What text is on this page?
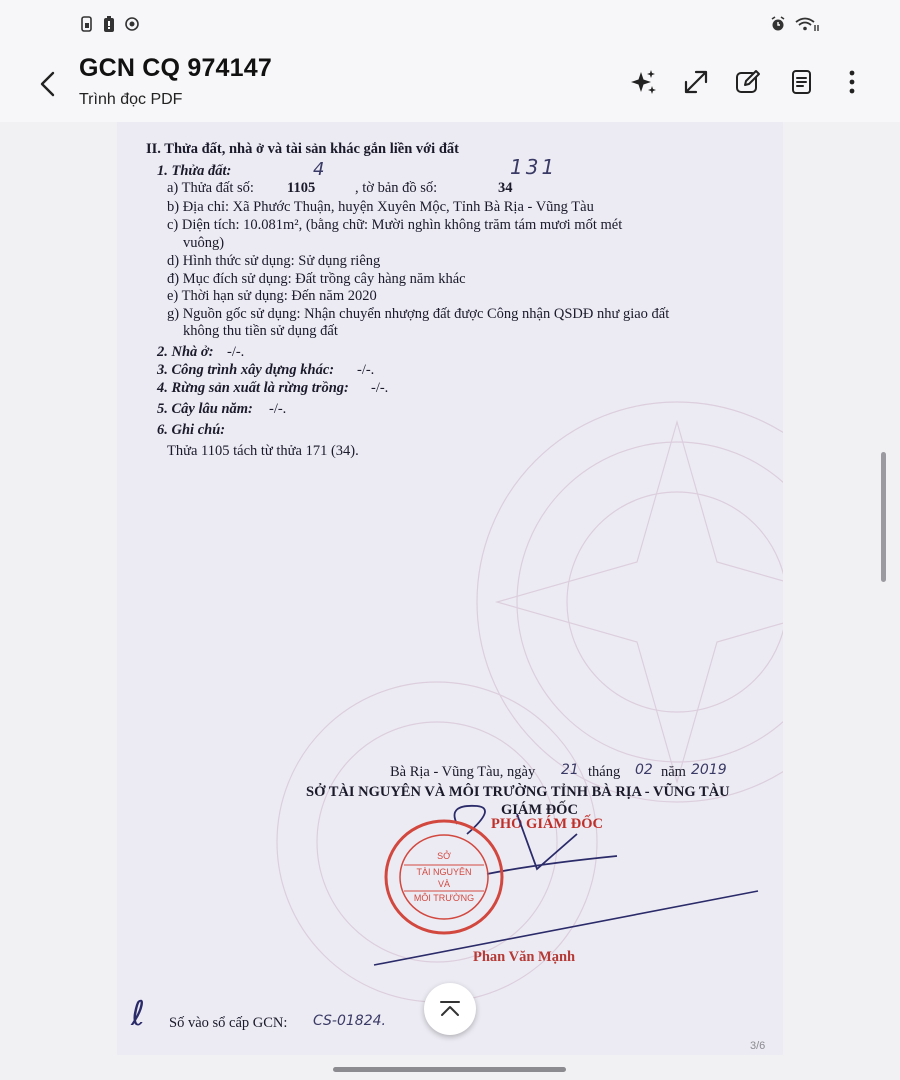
GCN CQ 974147
Trình đọc PDF
II. Thửa đất, nhà ở và tài sản khác gắn liền với đất
1. Thửa đất:	4	131
a) Thửa đất số: 1105	, tờ bản đồ số:	34
b) Địa chỉ: Xã Phước Thuận, huyện Xuyên Mộc, Tỉnh Bà Rịa - Vũng Tàu
c) Diện tích: 10.081m², (bằng chữ: Mười nghìn không trăm tám mươi mốt mét
vuông)
d) Hình thức sử dụng: Sử dụng riêng
đ) Mục đích sử dụng: Đất trồng cây hàng năm khác
e) Thời hạn sử dụng: Đến năm 2020
g) Nguồn gốc sử dụng: Nhận chuyển nhượng đất được Công nhận QSDĐ như giao đất
không thu tiền sử dụng đất
2. Nhà ở: -/-.
3. Công trình xây dựng khác: -/-.
4. Rừng sản xuất là rừng trồng: -/-.
5. Cây lâu năm: -/-.
6. Ghi chú:
Thửa 1105 tách từ thửa 171 (34).
Bà Rịa - Vũng Tàu, ngày 21 tháng 02 năm 2019
SỞ TÀI NGUYÊN VÀ MÔI TRƯỜNG TỈNH BÀ RỊA - VŨNG TÀU
GIÁM ĐỐC
PHÓ GIÁM ĐỐC
SỞ
TÀI NGUYÊN
VÀ
MÔI TRƯỜNG
Phan Văn Mạnh
ℓ Số vào sổ cấp GCN: CS-01824.
3/6
